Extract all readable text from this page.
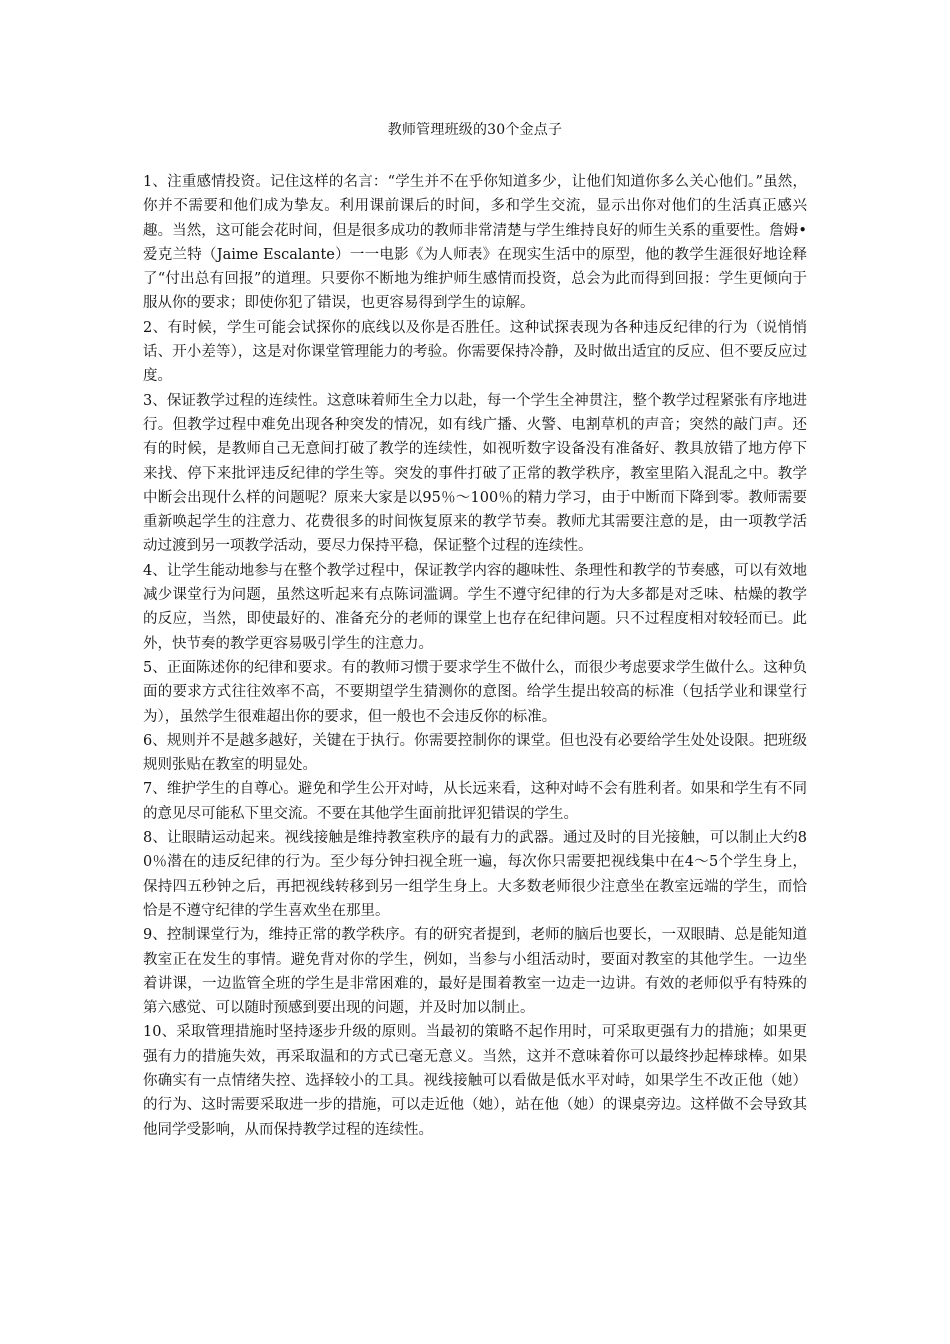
教师管理班级的30个金点子

1、注重感情投资。记住这样的名言：“学生并不在乎你知道多少，让他们知道你多么关心他们。”虽然，你并不需要和他们成为挚友。利用课前课后的时间，多和学生交流，显示出你对他们的生活真正感兴趣。当然，这可能会花时间，但是很多成功的教师非常清楚与学生维持良好的师生关系的重要性。詹姆•爱克兰特（Jaime Escalante）一一电影《为人师表》在现实生活中的原型，他的教学生涯很好地诠释了“付出总有回报”的道理。只要你不断地为维护师生感情而投资，总会为此而得到回报：学生更倾向于服从你的要求；即使你犯了错误，也更容易得到学生的谅解。

2、有时候，学生可能会试探你的底线以及你是否胜任。这种试探表现为各种违反纪律的行为（说悄悄话、开小差等），这是对你课堂管理能力的考验。你需要保持冷静，及时做出适宜的反应、但不要反应过度。

3、保证教学过程的连续性。这意味着师生全力以赴，每一个学生全神贯注，整个教学过程紧张有序地进行。但教学过程中难免出现各种突发的情况，如有线广播、火警、电割草机的声音；突然的敲门声。还有的时候，是教师自己无意间打破了教学的连续性，如视听数字设备没有准备好、教具放错了地方停下来找、停下来批评违反纪律的学生等。突发的事件打破了正常的教学秩序，教室里陷入混乱之中。教学中断会出现什么样的问题呢？原来大家是以95％～100％的精力学习，由于中断而下降到零。教师需要重新唤起学生的注意力、花费很多的时间恢复原来的教学节奏。教师尤其需要注意的是，由一项教学活动过渡到另一项教学活动，要尽力保持平稳，保证整个过程的连续性。

4、让学生能动地参与在整个教学过程中，保证教学内容的趣味性、条理性和教学的节奏感，可以有效地减少课堂行为问题，虽然这听起来有点陈词滥调。学生不遵守纪律的行为大多都是对乏味、枯燥的教学的反应，当然，即使最好的、准备充分的老师的课堂上也存在纪律问题。只不过程度相对较轻而已。此外，快节奏的教学更容易吸引学生的注意力。

5、正面陈述你的纪律和要求。有的教师习惯于要求学生不做什么，而很少考虑要求学生做什么。这种负面的要求方式往往效率不高，不要期望学生猜测你的意图。给学生提出较高的标准（包括学业和课堂行为），虽然学生很难超出你的要求，但一般也不会违反你的标准。

6、规则并不是越多越好，关键在于执行。你需要控制你的课堂。但也没有必要给学生处处设限。把班级规则张贴在教室的明显处。

7、维护学生的自尊心。避免和学生公开对峙，从长远来看，这种对峙不会有胜利者。如果和学生有不同的意见尽可能私下里交流。不要在其他学生面前批评犯错误的学生。

8、让眼睛运动起来。视线接触是维持教室秩序的最有力的武器。通过及时的目光接触，可以制止大约80％潜在的违反纪律的行为。至少每分钟扫视全班一遍，每次你只需要把视线集中在4～5个学生身上，保持四五秒钟之后，再把视线转移到另一组学生身上。大多数老师很少注意坐在教室远端的学生，而恰恰是不遵守纪律的学生喜欢坐在那里。

9、控制课堂行为，维持正常的教学秩序。有的研究者提到，老师的脑后也要长，一双眼睛、总是能知道教室正在发生的事情。避免背对你的学生，例如，当参与小组活动时，要面对教室的其他学生。一边坐着讲课，一边监管全班的学生是非常困难的，最好是围着教室一边走一边讲。有效的老师似乎有特殊的第六感觉、可以随时预感到要出现的问题，并及时加以制止。

10、采取管理措施时坚持逐步升级的原则。当最初的策略不起作用时，可采取更强有力的措施；如果更强有力的措施失效，再采取温和的方式已毫无意义。当然，这并不意味着你可以最终抄起棒球棒。如果你确实有一点情绪失控、选择较小的工具。视线接触可以看做是低水平对峙，如果学生不改正他（她）的行为、这时需要采取进一步的措施，可以走近他（她），站在他（她）的课桌旁边。这样做不会导致其他同学受影响，从而保持教学过程的连续性。
